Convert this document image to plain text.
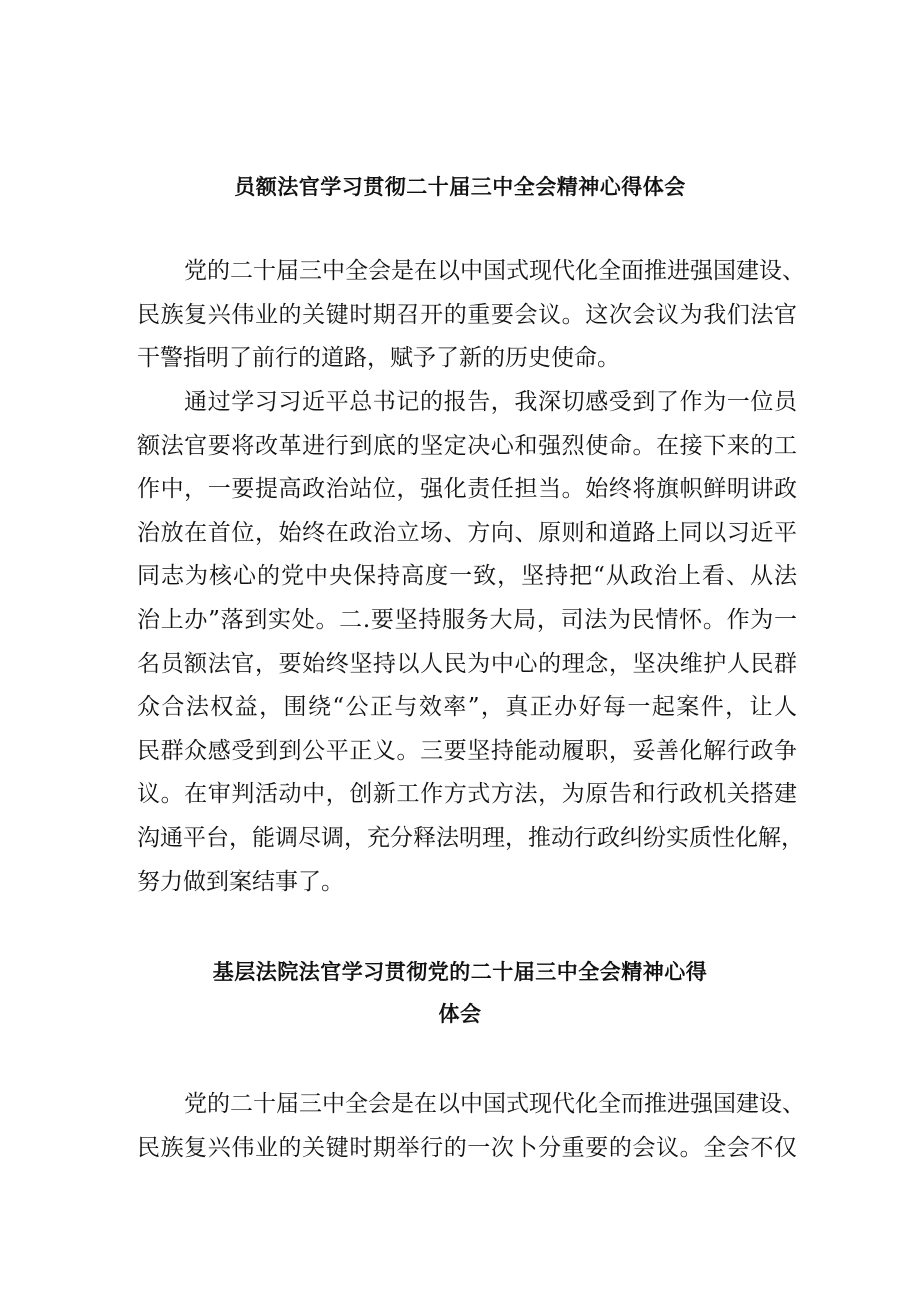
员额法官学习贯彻二十届三中全会精神心得体会
党的二十届三中全会是在以中国式现代化全面推进强国建设、
民族复兴伟业的关键时期召开的重要会议。这次会议为我们法官
干警指明了前行的道路，赋予了新的历史使命。
通过学习习近平总书记的报告，我深切感受到了作为一位员
额法官要将改革进行到底的坚定决心和强烈使命。在接下来的工
作中，一要提高政治站位，强化责任担当。始终将旗帜鲜明讲政
治放在首位，始终在政治立场、方向、原则和道路上同以习近平
同志为核心的党中央保持高度一致，坚持把“从政治上看、从法
治上办”落到实处。二.要坚持服务大局，司法为民情怀。作为一
名员额法官，要始终坚持以人民为中心的理念，坚决维护人民群
众合法权益，围绕“公正与效率”，真正办好每一起案件，让人
民群众感受到到公平正义。三要坚持能动履职，妥善化解行政争
议。在审判活动中，创新工作方式方法，为原告和行政机关搭建
沟通平台，能调尽调，充分释法明理，推动行政纠纷实质性化解，
努力做到案结事了。
基层法院法官学习贯彻党的二十届三中全会精神心得
体会
党的二十届三中全会是在以中国式现代化全而推进强国建设、
民族复兴伟业的关键时期举行的一次卜分重要的会议。全会不仅
